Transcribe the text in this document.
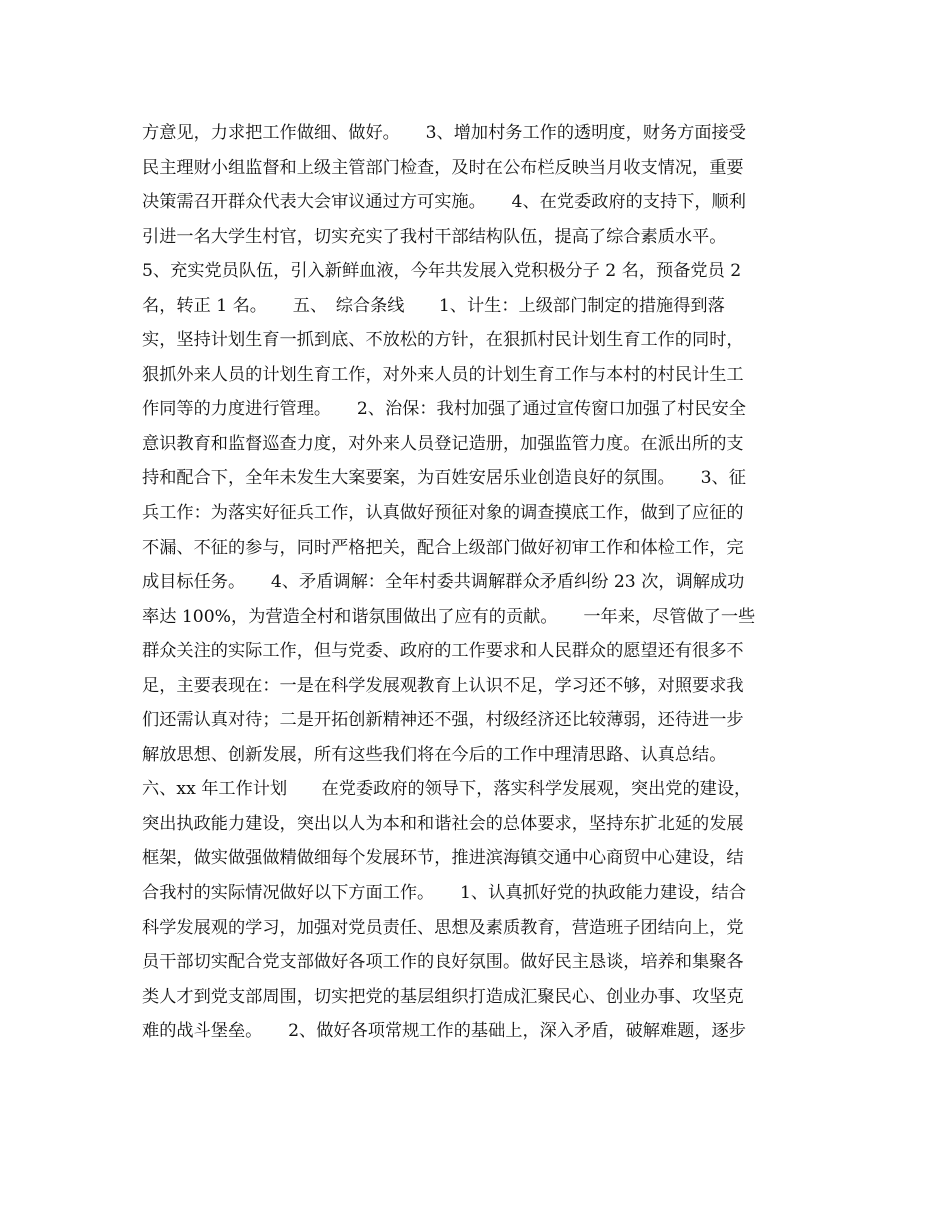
方意见，力求把工作做细、做好。　　3、增加村务工作的透明度，财务方面接受
民主理财小组监督和上级主管部门检查，及时在公布栏反映当月收支情况，重要
决策需召开群众代表大会审议通过方可实施。　　4、在党委政府的支持下，顺利
引进一名大学生村官，切实充实了我村干部结构队伍，提高了综合素质水平。
5、充实党员队伍，引入新鲜血液，今年共发展入党积极分子 2 名，预备党员 2
名，转正 1 名。　　五、　综合条线　　1、计生：上级部门制定的措施得到落
实，坚持计划生育一抓到底、不放松的方针，在狠抓村民计划生育工作的同时，
狠抓外来人员的计划生育工作，对外来人员的计划生育工作与本村的村民计生工
作同等的力度进行管理。　　2、治保：我村加强了通过宣传窗口加强了村民安全
意识教育和监督巡查力度，对外来人员登记造册，加强监管力度。在派出所的支
持和配合下，全年未发生大案要案，为百姓安居乐业创造良好的氛围。　　3、征
兵工作：为落实好征兵工作，认真做好预征对象的调查摸底工作，做到了应征的
不漏、不征的参与，同时严格把关，配合上级部门做好初审工作和体检工作，完
成目标任务。　　4、矛盾调解：全年村委共调解群众矛盾纠纷 23 次，调解成功
率达 100%，为营造全村和谐氛围做出了应有的贡献。　　一年来，尽管做了一些
群众关注的实际工作，但与党委、政府的工作要求和人民群众的愿望还有很多不
足，主要表现在：一是在科学发展观教育上认识不足，学习还不够，对照要求我
们还需认真对待；二是开拓创新精神还不强，村级经济还比较薄弱，还待进一步
解放思想、创新发展，所有这些我们将在今后的工作中理清思路、认真总结。
六、xx 年工作计划　　在党委政府的领导下，落实科学发展观，突出党的建设，
突出执政能力建设，突出以人为本和和谐社会的总体要求，坚持东扩北延的发展
框架，做实做强做精做细每个发展环节，推进滨海镇交通中心商贸中心建设，结
合我村的实际情况做好以下方面工作。　　1、认真抓好党的执政能力建设，结合
科学发展观的学习，加强对党员责任、思想及素质教育，营造班子团结向上，党
员干部切实配合党支部做好各项工作的良好氛围。做好民主恳谈，培养和集聚各
类人才到党支部周围，切实把党的基层组织打造成汇聚民心、创业办事、攻坚克
难的战斗堡垒。　　2、做好各项常规工作的基础上，深入矛盾，破解难题，逐步
